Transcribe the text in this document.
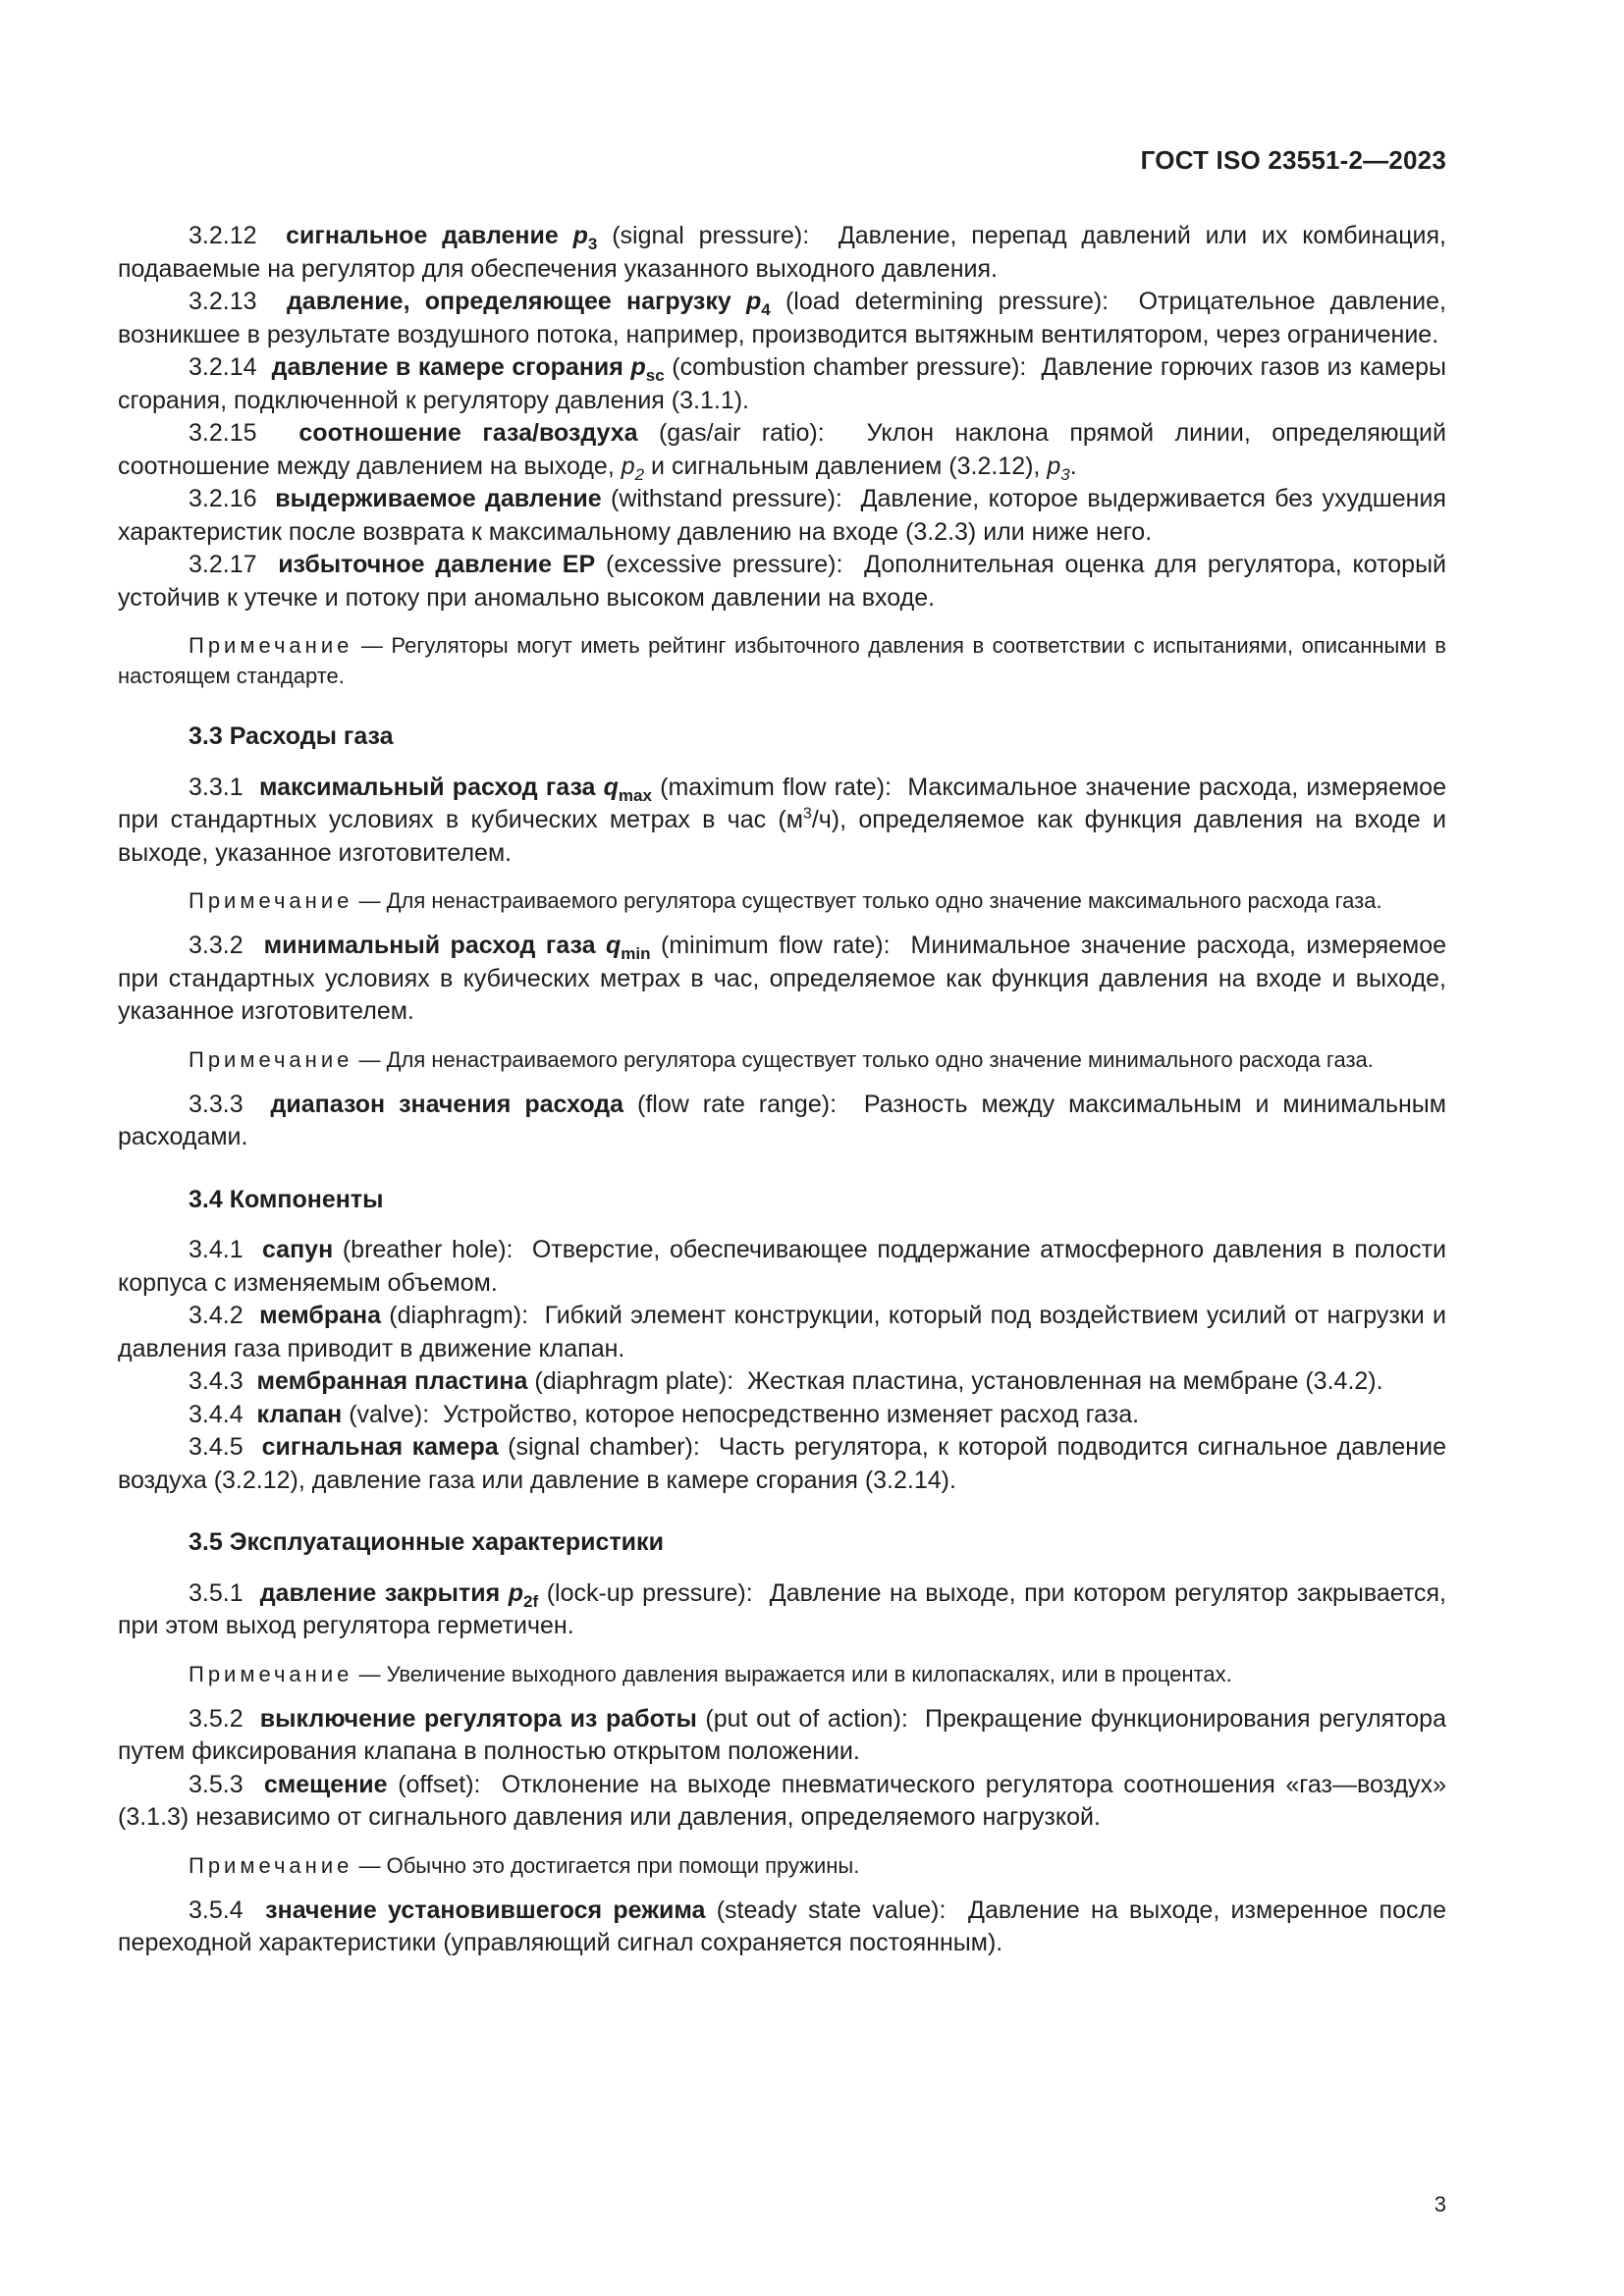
ГОСТ ISO 23551-2—2023

3.2.12 сигнальное давление $p_3$ (signal pressure): Давление, перепад давлений или их комбинация, подаваемые на регулятор для обеспечения указанного выходного давления.

3.2.13 давление, определяющее нагрузку $p_4$ (load determining pressure): Отрицательное давление, возникшее в результате воздушного потока, например, производится вытяжным вентилятором, через ограничение.

3.2.14 давление в камере сгорания $p_{sc}$ (combustion chamber pressure): Давление горючих газов из камеры сгорания, подключенной к регулятору давления (3.1.1).

3.2.15 соотношение газа/воздуха (gas/air ratio): Уклон наклона прямой линии, определяющий соотношение между давлением на выходе, $p_2$ и сигнальным давлением (3.2.12), $p_3$.

3.2.16 выдерживаемое давление (withstand pressure): Давление, которое выдерживается без ухудшения характеристик после возврата к максимальному давлению на входе (3.2.3) или ниже него.

3.2.17 избыточное давление EP (excessive pressure): Дополнительная оценка для регулятора, который устойчив к утечке и потоку при аномально высоком давлении на входе.

Примечание — Регуляторы могут иметь рейтинг избыточного давления в соответствии с испытаниями, описанными в настоящем стандарте.

3.3 Расходы газа

3.3.1 максимальный расход газа $q_{max}$ (maximum flow rate): Максимальное значение расхода, измеряемое при стандартных условиях в кубических метрах в час $(м^3/ч)$, определяемое как функция давления на входе и выходе, указанное изготовителем.

Примечание — Для ненастраиваемого регулятора существует только одно значение максимального расхода газа.

3.3.2 минимальный расход газа $q_{min}$ (minimum flow rate): Минимальное значение расхода, измеряемое при стандартных условиях в кубических метрах в час, определяемое как функция давления на входе и выходе, указанное изготовителем.

Примечание — Для ненастраиваемого регулятора существует только одно значение минимального расхода газа.

3.3.3 диапазон значения расхода (flow rate range): Разность между максимальным и минимальным расходами.

3.4 Компоненты

3.4.1 сапун (breather hole): Отверстие, обеспечивающее поддержание атмосферного давления в полости корпуса с изменяемым объемом.

3.4.2 мембрана (diaphragm): Гибкий элемент конструкции, который под воздействием усилий от нагрузки и давления газа приводит в движение клапан.

3.4.3 мембранная пластина (diaphragm plate): Жесткая пластина, установленная на мембране (3.4.2).

3.4.4 клапан (valve): Устройство, которое непосредственно изменяет расход газа.

3.4.5 сигнальная камера (signal chamber): Часть регулятора, к которой подводится сигнальное давление воздуха (3.2.12), давление газа или давление в камере сгорания (3.2.14).

3.5 Эксплуатационные характеристики

3.5.1 давление закрытия $p_{2f}$ (lock-up pressure): Давление на выходе, при котором регулятор закрывается, при этом выход регулятора герметичен.

Примечание — Увеличение выходного давления выражается или в килопаскалях, или в процентах.

3.5.2 выключение регулятора из работы (put out of action): Прекращение функционирования регулятора путем фиксирования клапана в полностью открытом положении.

3.5.3 смещение (offset): Отклонение на выходе пневматического регулятора соотношения «газ—воздух» (3.1.3) независимо от сигнального давления или давления, определяемого нагрузкой.

Примечание — Обычно это достигается при помощи пружины.

3.5.4 значение установившегося режима (steady state value): Давление на выходе, измеренное после переходной характеристики (управляющий сигнал сохраняется постоянным).

3
